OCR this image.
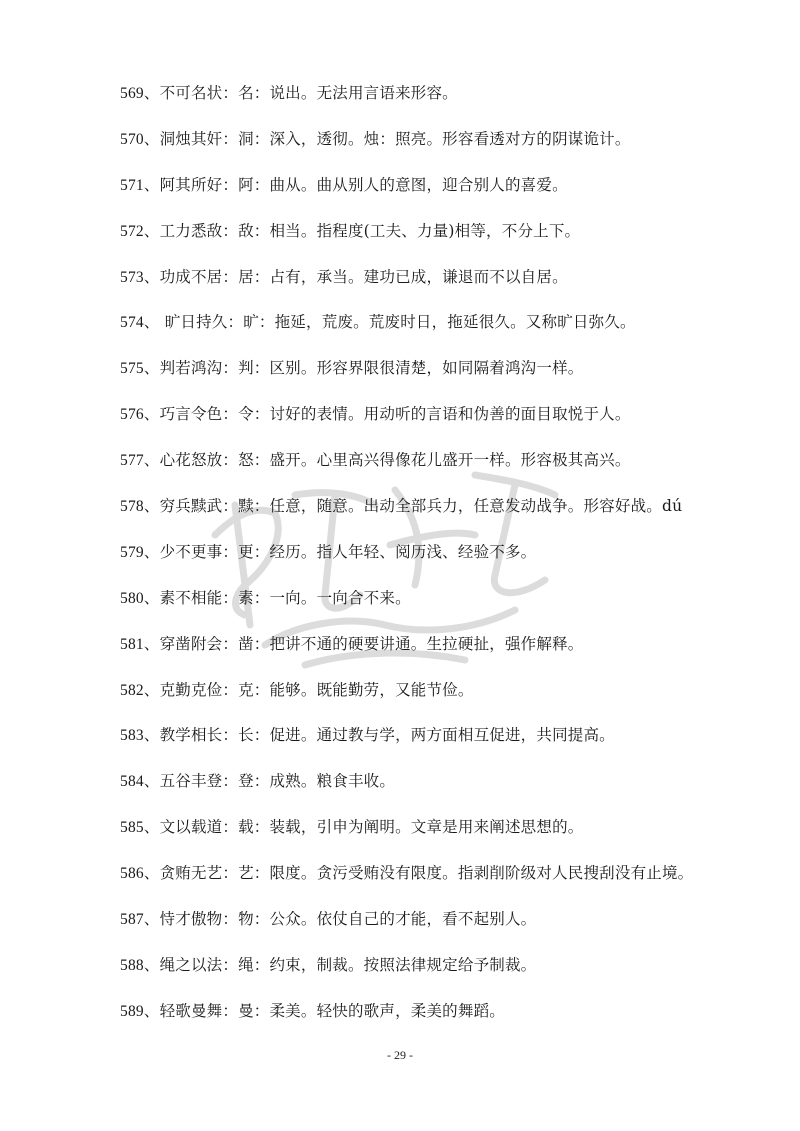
569、不可名状：名：说出。无法用言语来形容。
570、洞烛其奸：洞：深入，透彻。烛：照亮。形容看透对方的阴谋诡计。
571、阿其所好：阿：曲从。曲从别人的意图，迎合别人的喜爱。
572、工力悉敌：敌：相当。指程度(工夫、力量)相等，不分上下。
573、功成不居：居：占有，承当。建功已成，谦退而不以自居。
574、 旷日持久：旷：拖延，荒废。荒废时日，拖延很久。又称旷日弥久。
575、判若鸿沟：判：区别。形容界限很清楚，如同隔着鸿沟一样。
576、巧言令色：令：讨好的表情。用动听的言语和伪善的面目取悦于人。
577、心花怒放：怒：盛开。心里高兴得像花儿盛开一样。形容极其高兴。
578、穷兵黩武：黩：任意，随意。出动全部兵力，任意发动战争。形容好战。dú
579、少不更事：更：经历。指人年轻、阅历浅、经验不多。
580、素不相能：素：一向。一向合不来。
581、穿凿附会：凿：把讲不通的硬要讲通。生拉硬扯，强作解释。
582、克勤克俭：克：能够。既能勤劳，又能节俭。
583、教学相长：长：促进。通过教与学，两方面相互促进，共同提高。
584、五谷丰登：登：成熟。粮食丰收。
585、文以载道：载：装载，引申为阐明。文章是用来阐述思想的。
586、贪贿无艺：艺：限度。贪污受贿没有限度。指剥削阶级对人民搜刮没有止境。
587、恃才傲物：物：公众。依仗自己的才能，看不起别人。
588、绳之以法：绳：约束，制裁。按照法律规定给予制裁。
589、轻歌曼舞：曼：柔美。轻快的歌声，柔美的舞蹈。
- 29 -
